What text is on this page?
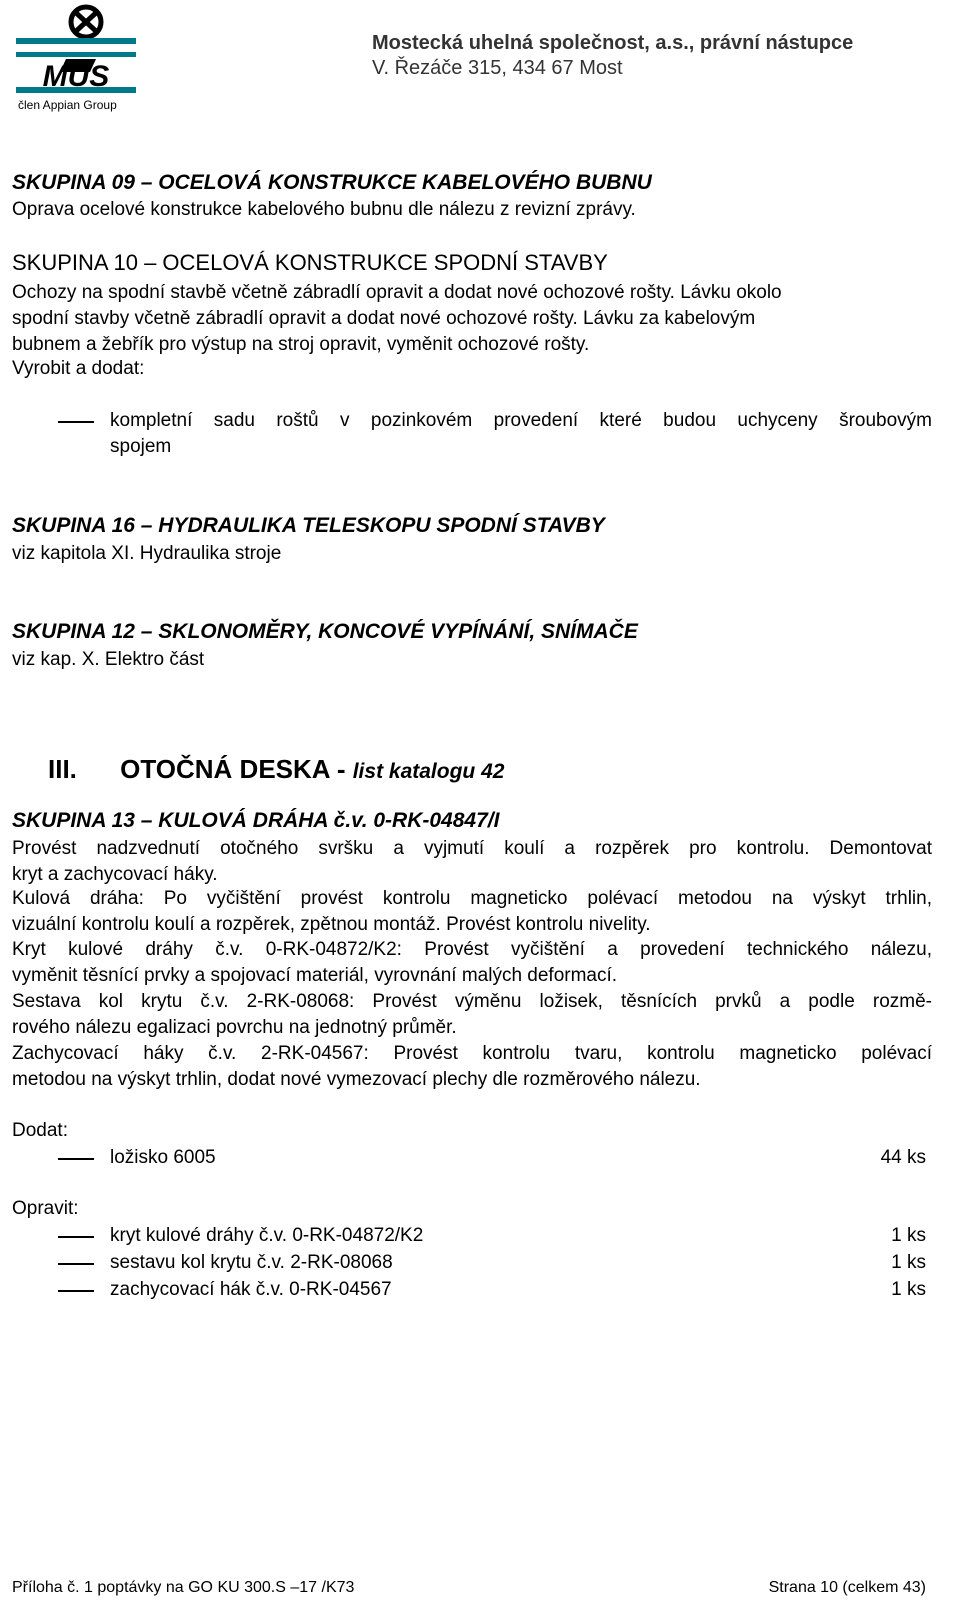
MUS
člen Appian Group
Mostecká uhelná společnost, a.s., právní nástupce
V. Řezáče 315, 434 67 Most
SKUPINA 09 – OCELOVÁ KONSTRUKCE KABELOVÉHO BUBNU
Oprava ocelové konstrukce kabelového bubnu dle nálezu z revizní zprávy.
SKUPINA 10 – OCELOVÁ KONSTRUKCE SPODNÍ STAVBY
Ochozy na spodní stavbě včetně zábradlí opravit a dodat nové ochozové rošty. Lávku okolo
spodní stavby včetně zábradlí opravit a dodat nové ochozové rošty. Lávku za kabelovým
bubnem a žebřík pro výstup na stroj opravit, vyměnit ochozové rošty.
Vyrobit a dodat:
kompletní sadu roštů v pozinkovém provedení které budou uchyceny šroubovým
spojem
SKUPINA 16 – HYDRAULIKA TELESKOPU SPODNÍ STAVBY
viz kapitola XI. Hydraulika stroje
SKUPINA 12 – SKLONOMĚRY, KONCOVÉ VYPÍNÁNÍ, SNÍMAČE
viz kap. X. Elektro část
III. OTOČNÁ DESKA - list katalogu 42
SKUPINA 13 – KULOVÁ DRÁHA č.v. 0-RK-04847/I
Provést nadzvednutí otočného svršku a vyjmutí koulí a rozpěrek pro kontrolu. Demontovat
kryt a zachycovací háky.
Kulová dráha: Po vyčištění provést kontrolu magneticko polévací metodou na výskyt trhlin,
vizuální kontrolu koulí a rozpěrek, zpětnou montáž. Provést kontrolu nivelity.
Kryt kulové dráhy č.v. 0-RK-04872/K2: Provést vyčištění a provedení technického nálezu,
vyměnit těsnící prvky a spojovací materiál, vyrovnání malých deformací.
Sestava kol krytu č.v. 2-RK-08068: Provést výměnu ložisek, těsnících prvků a podle rozmě-
rového nálezu egalizaci povrchu na jednotný průměr.
Zachycovací háky č.v. 2-RK-04567: Provést kontrolu tvaru, kontrolu magneticko polévací
metodou na výskyt trhlin, dodat nové vymezovací plechy dle rozměrového nálezu.
Dodat:
ložisko 6005	44 ks
Opravit:
kryt kulové dráhy č.v. 0-RK-04872/K2	1 ks
sestavu kol krytu č.v. 2-RK-08068	1 ks
zachycovací hák č.v. 0-RK-04567	1 ks
Příloha č. 1 poptávky na GO KU 300.S –17 /K73	Strana 10 (celkem 43)
